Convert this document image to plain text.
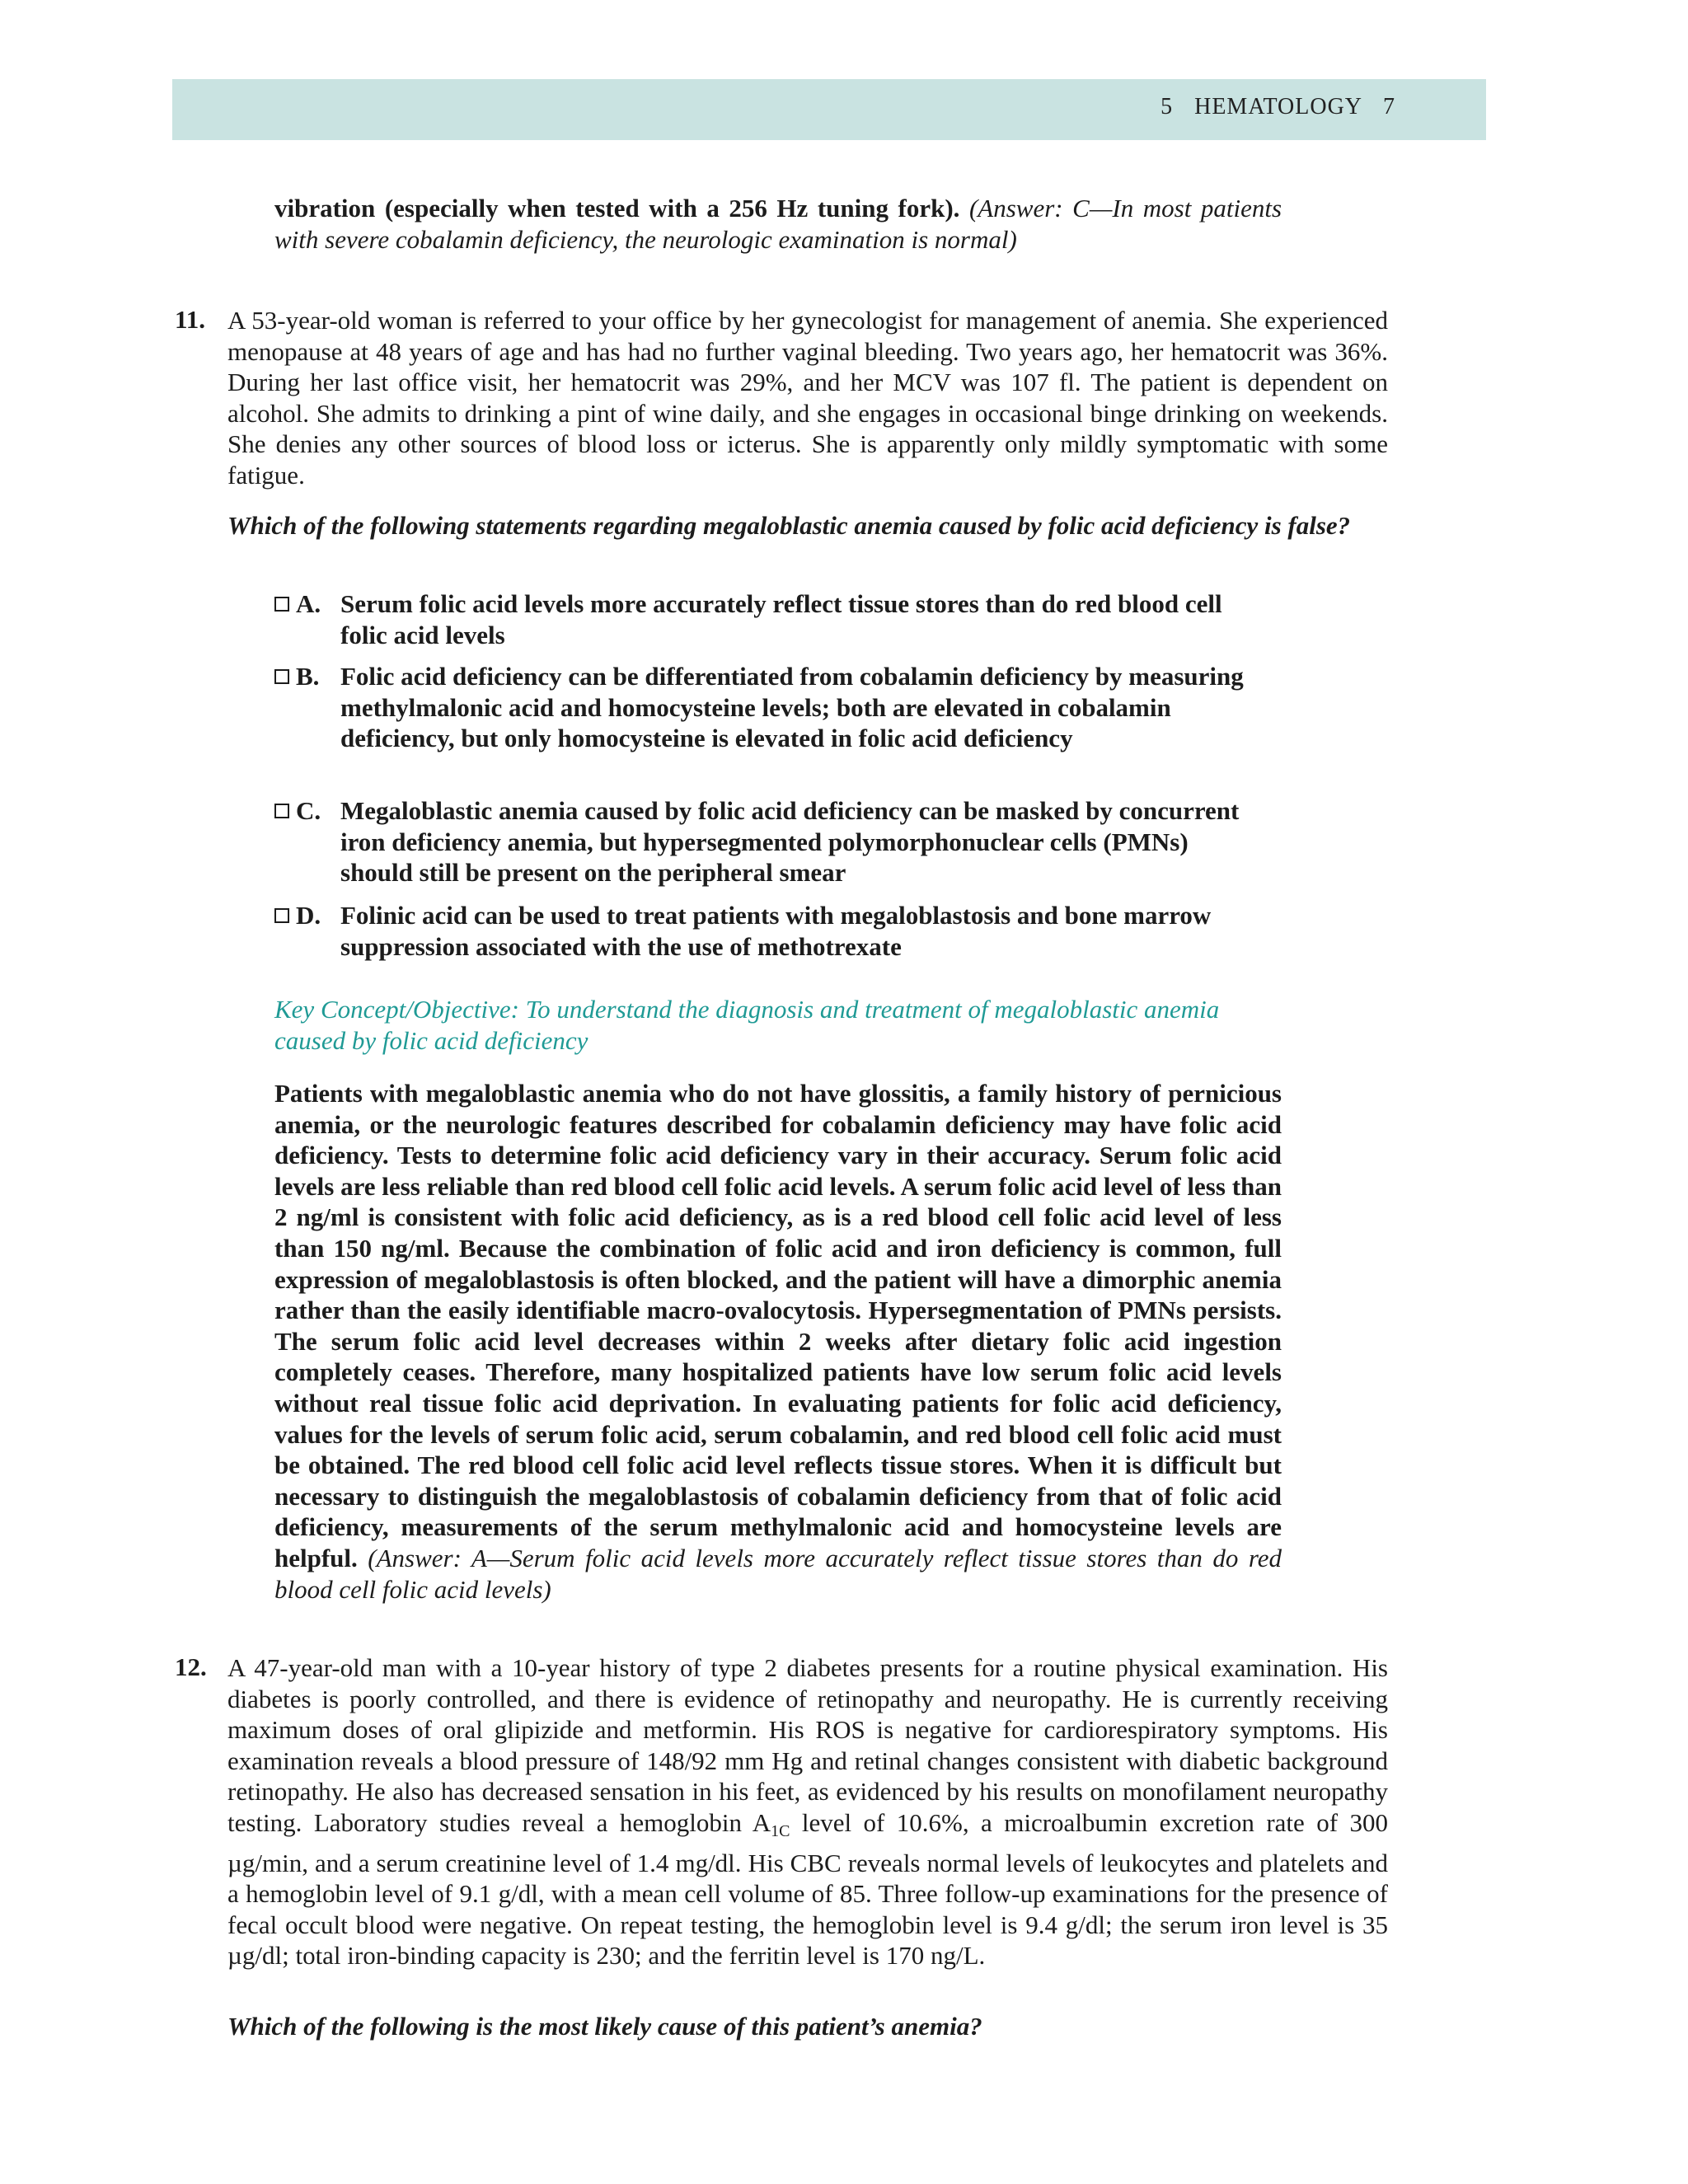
5 HEMATOLOGY 7
vibration (especially when tested with a 256 Hz tuning fork). (Answer: C—In most patients with severe cobalamin deficiency, the neurologic examination is normal)
11. A 53-year-old woman is referred to your office by her gynecologist for management of anemia. She experienced menopause at 48 years of age and has had no further vaginal bleeding. Two years ago, her hematocrit was 36%. During her last office visit, her hematocrit was 29%, and her MCV was 107 fl. The patient is dependent on alcohol. She admits to drinking a pint of wine daily, and she engages in occasional binge drinking on weekends. She denies any other sources of blood loss or icterus. She is apparently only mildly symptomatic with some fatigue.
Which of the following statements regarding megaloblastic anemia caused by folic acid deficiency is false?
A. Serum folic acid levels more accurately reflect tissue stores than do red blood cell folic acid levels
B. Folic acid deficiency can be differentiated from cobalamin deficiency by measuring methylmalonic acid and homocysteine levels; both are elevated in cobalamin deficiency, but only homocysteine is elevated in folic acid deficiency
C. Megaloblastic anemia caused by folic acid deficiency can be masked by concurrent iron deficiency anemia, but hypersegmented polymorphonuclear cells (PMNs) should still be present on the peripheral smear
D. Folinic acid can be used to treat patients with megaloblastosis and bone marrow suppression associated with the use of methotrexate
Key Concept/Objective: To understand the diagnosis and treatment of megaloblastic anemia caused by folic acid deficiency
Patients with megaloblastic anemia who do not have glossitis, a family history of pernicious anemia, or the neurologic features described for cobalamin deficiency may have folic acid deficiency. Tests to determine folic acid deficiency vary in their accuracy. Serum folic acid levels are less reliable than red blood cell folic acid levels. A serum folic acid level of less than 2 ng/ml is consistent with folic acid deficiency, as is a red blood cell folic acid level of less than 150 ng/ml. Because the combination of folic acid and iron deficiency is common, full expression of megaloblastosis is often blocked, and the patient will have a dimorphic anemia rather than the easily identifiable macro-ovalocytosis. Hypersegmentation of PMNs persists. The serum folic acid level decreases within 2 weeks after dietary folic acid ingestion completely ceases. Therefore, many hospitalized patients have low serum folic acid levels without real tissue folic acid deprivation. In evaluating patients for folic acid deficiency, values for the levels of serum folic acid, serum cobalamin, and red blood cell folic acid must be obtained. The red blood cell folic acid level reflects tissue stores. When it is difficult but necessary to distinguish the megaloblastosis of cobalamin deficiency from that of folic acid deficiency, measurements of the serum methylmalonic acid and homocysteine levels are helpful. (Answer: A—Serum folic acid levels more accurately reflect tissue stores than do red blood cell folic acid levels)
12. A 47-year-old man with a 10-year history of type 2 diabetes presents for a routine physical examination. His diabetes is poorly controlled, and there is evidence of retinopathy and neuropathy. He is currently receiving maximum doses of oral glipizide and metformin. His ROS is negative for cardiorespiratory symptoms. His examination reveals a blood pressure of 148/92 mm Hg and retinal changes consistent with diabetic background retinopathy. He also has decreased sensation in his feet, as evidenced by his results on monofilament neuropathy testing. Laboratory studies reveal a hemoglobin $A_{1C}$ level of 10.6%, a microalbumin excretion rate of 300 µg/min, and a serum creatinine level of 1.4 mg/dl. His CBC reveals normal levels of leukocytes and platelets and a hemoglobin level of 9.1 g/dl, with a mean cell volume of 85. Three follow-up examinations for the presence of fecal occult blood were negative. On repeat testing, the hemoglobin level is 9.4 g/dl; the serum iron level is 35 µg/dl; total iron-binding capacity is 230; and the ferritin level is 170 ng/L.
Which of the following is the most likely cause of this patient’s anemia?
